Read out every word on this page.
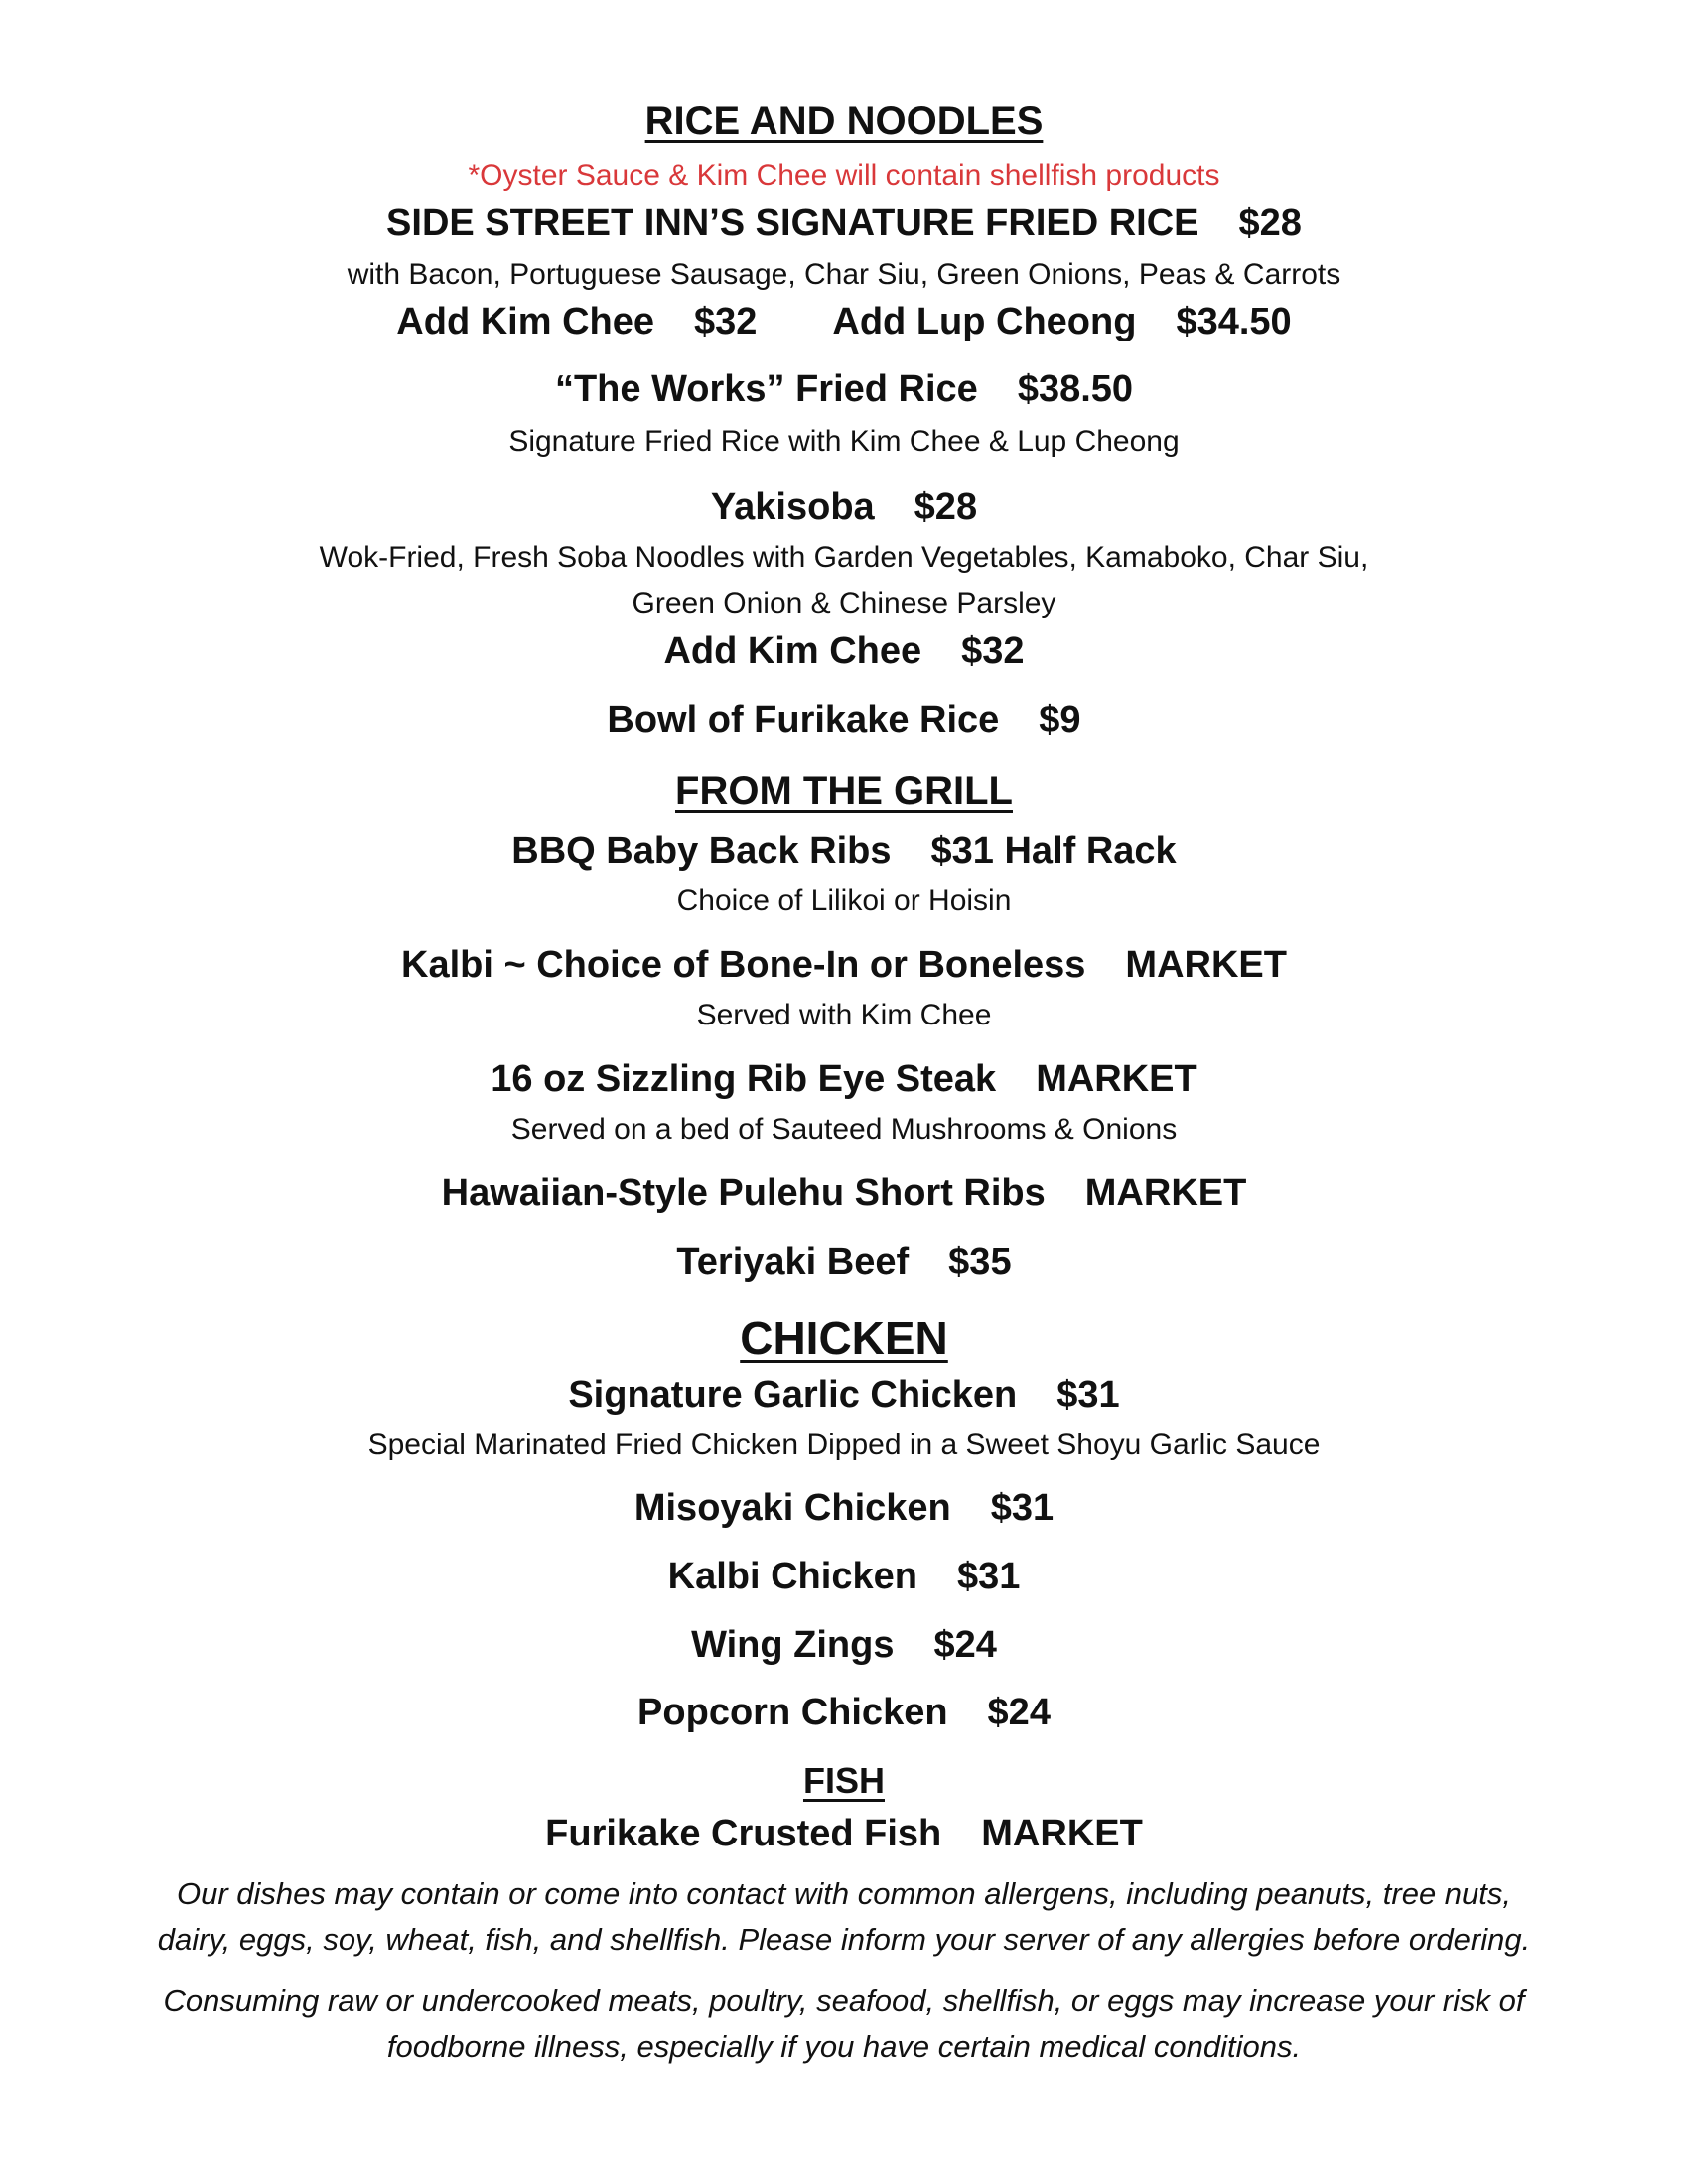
RICE AND NOODLES

*Oyster Sauce & Kim Chee will contain shellfish products

SIDE STREET INN’S SIGNATURE FRIED RICE $28

with Bacon, Portuguese Sausage, Char Siu, Green Onions, Peas & Carrots

Add Kim Chee $32 Add Lup Cheong $34.50

“The Works” Fried Rice $38.50

Signature Fried Rice with Kim Chee & Lup Cheong

Yakisoba $28

Wok-Fried, Fresh Soba Noodles with Garden Vegetables, Kamaboko, Char Siu,

Green Onion & Chinese Parsley

Add Kim Chee $32

Bowl of Furikake Rice $9

FROM THE GRILL

BBQ Baby Back Ribs $31 Half Rack

Choice of Lilikoi or Hoisin

Kalbi ~ Choice of Bone-In or Boneless MARKET

Served with Kim Chee

16 oz Sizzling Rib Eye Steak MARKET

Served on a bed of Sauteed Mushrooms & Onions

Hawaiian-Style Pulehu Short Ribs MARKET

Teriyaki Beef $35

CHICKEN

Signature Garlic Chicken $31

Special Marinated Fried Chicken Dipped in a Sweet Shoyu Garlic Sauce

Misoyaki Chicken $31

Kalbi Chicken $31

Wing Zings $24

Popcorn Chicken $24

FISH

Furikake Crusted Fish MARKET

Our dishes may contain or come into contact with common allergens, including peanuts, tree nuts,

dairy, eggs, soy, wheat, fish, and shellfish. Please inform your server of any allergies before ordering.

Consuming raw or undercooked meats, poultry, seafood, shellfish, or eggs may increase your risk of

foodborne illness, especially if you have certain medical conditions.
